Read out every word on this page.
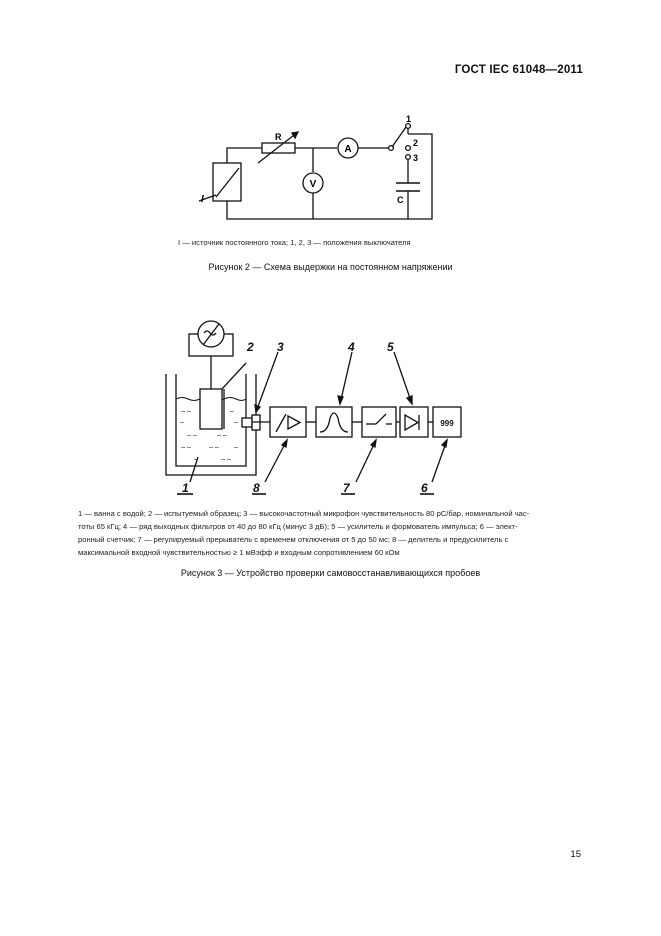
ГОСТ IEC 61048—2011
I
R
A
V
C
1
2
3
I — источник постоянного тока; 1, 2, 3 — положения выключателя
Рисунок 2 — Схема выдержки на постоянном напряжении
– –	–
–	–
– –	– –
– –	– – –
–	– –
2 3	4	5
1	8	7	6
999
1 — ванна с водой; 2 — испытуемый образец; 3 — высокочастотный микрофон чувствительность 80 pC/бар, номинальной час-
тоты 65 кГц; 4 — ряд выходных фильтров от 40 до 80 кГц (минус 3 дБ); 5 — усилитель и формователь импульса; 6 — элект-
ронный счетчик; 7 — регулируемый прерыватель с временем отключения от 5 до 50 мс; 8 — делитель и предусилитель с
максимальной входной чувствительностью ≥ 1 мВэфф и входным сопротивлением 60 кОм
Рисунок 3 — Устройство проверки самовосстанавливающихся пробоев
15
